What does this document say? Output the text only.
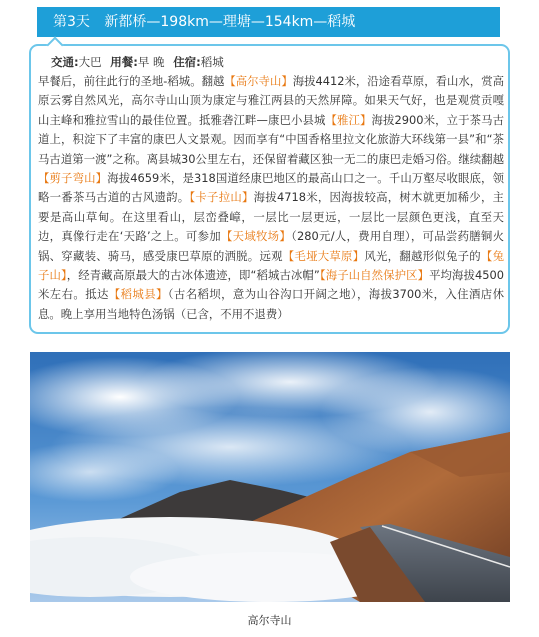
第3天 新都桥—198km—理塘—154km—稻城
交通:大巴 用餐:早 晚 住宿:稻城

早餐后，前往此行的圣地-稻城。翻越【高尔寺山】海拔4412米，沿途看草原，看山水，赏高原云雾自然风光，高尔寺山山顶为康定与雅江两县的天然屏障。如果天气好，也是观赏贡嘎山主峰和雅拉雪山的最佳位置。抵雅砻江畔—康巴小县城【雅江】海拔2900米，立于茶马古道上，积淀下了丰富的康巴人文景观。因而享有“中国香格里拉文化旅游大环线第一县”和“茶马古道第一渡”之称。离县城30公里左右，还保留着藏区独一无二的康巴走婚习俗。继续翻越【剪子弯山】海拔4659米，是318国道经康巴地区的最高山口之一。千山万壑尽收眼底，领略一番茶马古道的古风遗韵。【卡子拉山】海拔4718米，因海拔较高，树木就更加稀少，主要是高山草甸。在这里看山，层峦叠嶂，一层比一层更远，一层比一层颜色更浅，直至天边，真像行走在‘天路’之上。可参加【天域牧场】（280元/人，费用自理），可品尝药膳铜火锅、穿藏装、骑马，感受康巴草原的洒脱。远观【毛垭大草原】风光，翻越形似兔子的【兔子山】，经青藏高原最大的古冰体遗迹，即“稻城古冰帽”【海子山自然保护区】平均海拔4500米左右。抵达【稻城县】（古名稻坝，意为山谷沟口开阔之地），海拔3700米，入住酒店休息。晚上享用当地特色汤锅（已含，不用不退费）

高尔寺山
